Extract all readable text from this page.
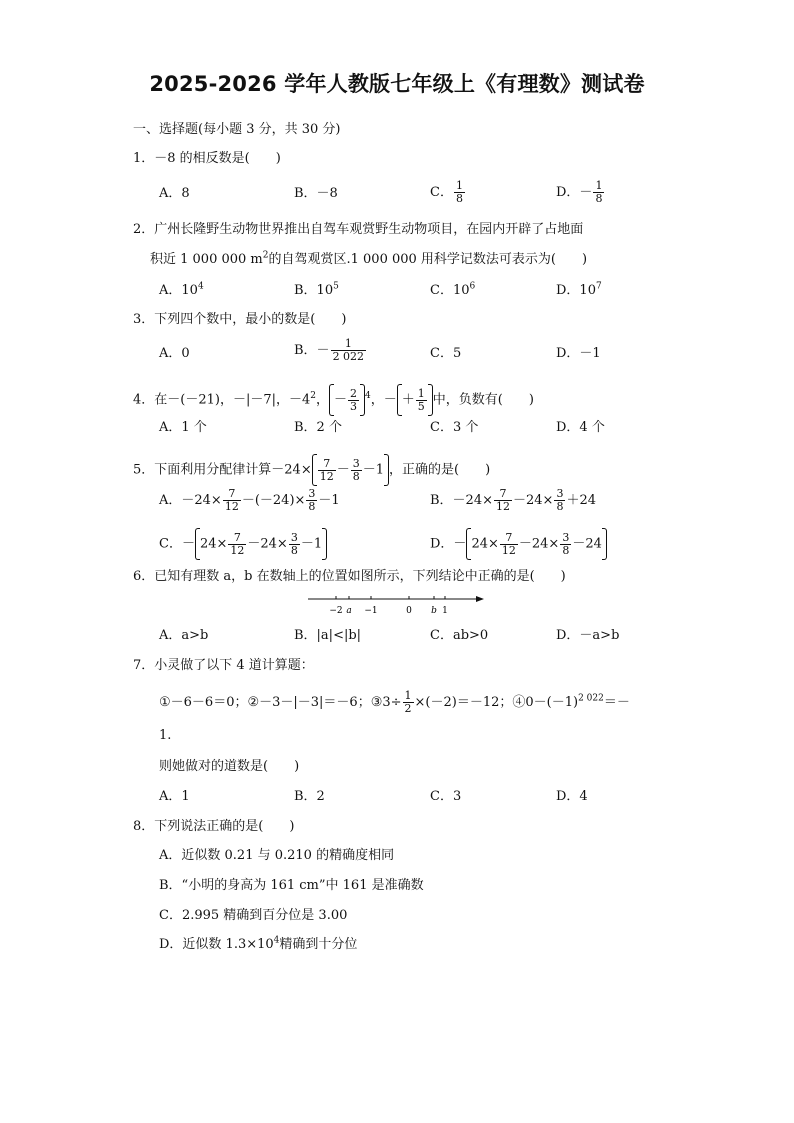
2025-2026 学年人教版七年级上《有理数》测试卷
一、选择题(每小题 3 分，共 30 分)
1．－8 的相反数是(　　)
A．8	B．－8	C． $\frac{1}{8}$	D．－ $\frac{1}{8}$
2．广州长隆野生动物世界推出自驾车观赏野生动物项目，在园内开辟了占地面
积近 1 000 000 $m^2$的自驾观赏区.1 000 000 用科学记数法可表示为(　　)
A．$10^4$	B．$10^5$	C．$10^6$	D．$10^7$
3．下列四个数中，最小的数是(　　)
A．0	B．－ $\frac{1}{2 022}$	C．5	D．－1
4．在－(－21)，－|－7|，$-4^2$， － $\frac{2}{3} ^4$，－ ＋ $\frac{1}{5}$ 中，负数有(　　)
A．1 个	B．2 个	C．3 个	D．4 个
5．下面利用分配律计算$-24\times \frac{7}{12} - \frac{3}{8} -1$ ，正确的是(　　)
A．$-24\times \frac{7}{12} -(-24)\times \frac{3}{8} -1$	B．$-24\times \frac{7}{12} -24\times \frac{3}{8} +24$
C．－ $24\times \frac{7}{12} -24\times \frac{3}{8} -1$	D．－ $24\times \frac{7}{12} -24\times \frac{3}{8} -24$
6．已知有理数 a，b 在数轴上的位置如图所示，下列结论中正确的是(　　)
−2 a −1	0 b 1
A．a>b	B．|a|<|b|	C．ab>0	D．－a>b
7．小灵做了以下 4 道计算题：
①－6－6＝0；②－3－|－3|＝－6；③3÷ $\frac{1}{2} \times(-2)=-12$；$④0-(-1)^{2 022}=-$
1.
则她做对的道数是(　　)
A．1	B．2	C．3	D．4
8．下列说法正确的是(　　)
A．近似数 0.21 与 0.210 的精确度相同
B．“小明的身高为 161 cm”中 161 是准确数
C．2.995 精确到百分位是 3.00
D．近似数 $1.3\times 10^4$精确到十分位
